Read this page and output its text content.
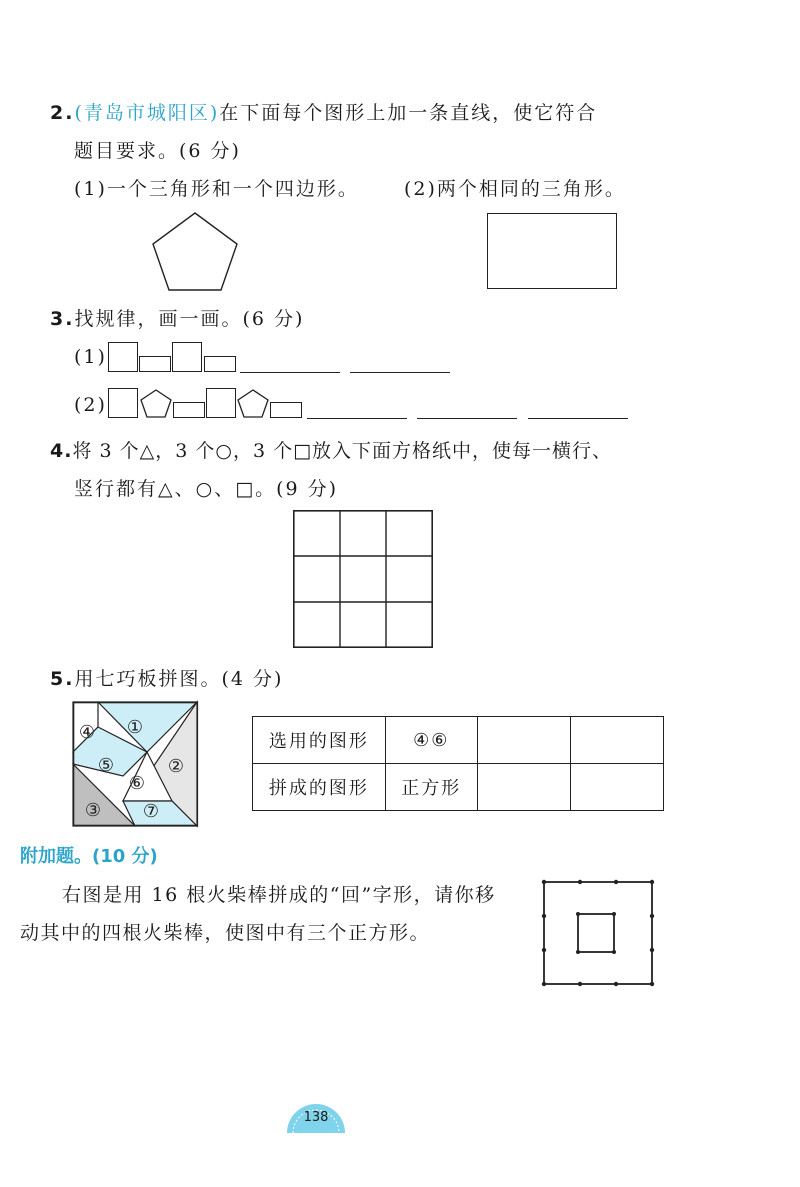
2.(青岛市城阳区)在下面每个图形上加一条直线，使它符合
题目要求。(6 分)
(1)一个三角形和一个四边形。 (2)两个相同的三角形。
3.找规律，画一画。(6 分)
(1)
(2)
4.将 3 个△，3 个○，3 个□放入下面方格纸中，使每一横行、
竖行都有△、○、□。(9 分)
5.用七巧板拼图。(4 分)
①
②
③
④
⑤
⑥
⑦
选用的图形	④⑥		
拼成的图形	正方形		
附加题。(10 分)
右图是用 16 根火柴棒拼成的“回”字形，请你移
动其中的四根火柴棒，使图中有三个正方形。
138
